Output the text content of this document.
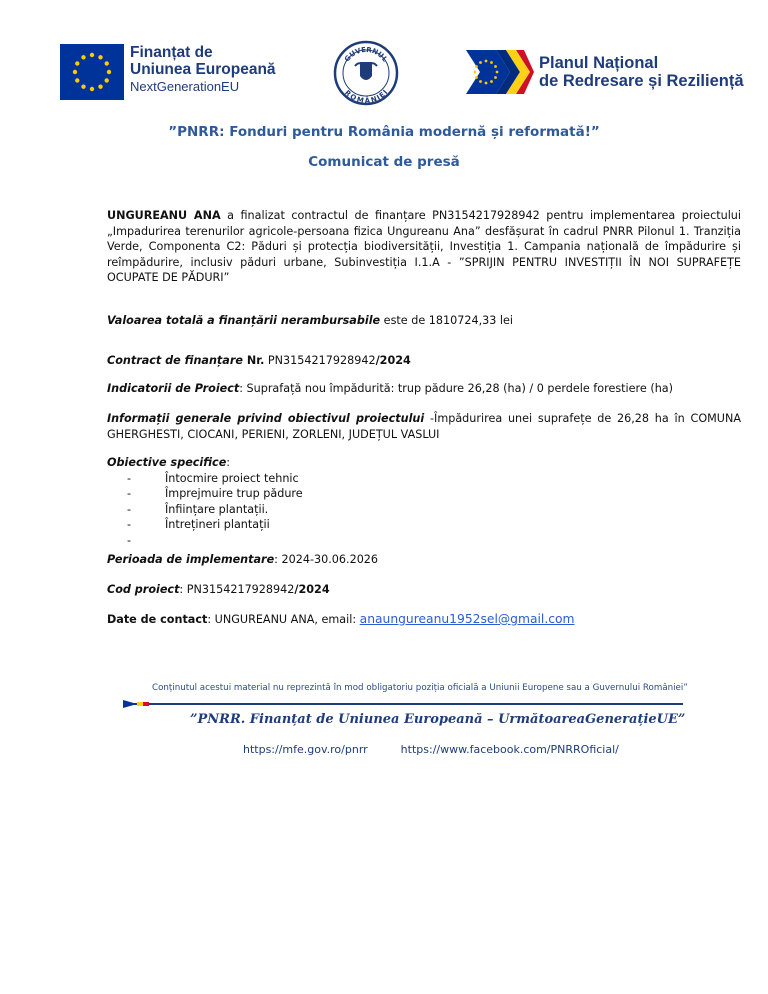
Finanțat de
Uniunea Europeană
NextGenerationEU
GUVERNUL
ROMÂNIEI
Planul Național
de Redresare și Reziliență
”PNRR: Fonduri pentru România modernă și reformată!”
Comunicat de presă
UNGUREANU ANA a finalizat contractul de finanțare PN3154217928942 pentru implementarea proiectului „Impadurirea terenurilor agricole-persoana fizica Ungureanu Ana” desfășurat în cadrul PNRR Pilonul 1. Tranziția Verde, Componenta C2: Păduri și protecția biodiversității, Investiția 1. Campania națională de împădurire și reîmpădurire, inclusiv păduri urbane, Subinvestiția I.1.A - ”SPRIJIN PENTRU INVESTIȚII ÎN NOI SUPRAFEȚE OCUPATE DE PĂDURI”
Valoarea totală a finanțării nerambursabile este de 1810724,33 lei
Contract de finanțare Nr. PN3154217928942/2024
Indicatorii de Proiect: Suprafață nou împădurită: trup pădure 26,28 (ha) / 0 perdele forestiere (ha)
Informații generale privind obiectivul proiectului -Împădurirea unei suprafețe de 26,28 ha în COMUNA GHERGHESTI, CIOCANI, PERIENI, ZORLENI, JUDEȚUL VASLUI
Obiective specifice:
-	Întocmire proiect tehnic
-	Împrejmuire trup pădure
-	Înființare plantații.
-	Întrețineri plantații
-
Perioada de implementare: 2024-30.06.2026
Cod proiect: PN3154217928942/2024
Date de contact: UNGUREANU ANA, email: anaungureanu1952sel@gmail.com
Conținutul acestui material nu reprezintă în mod obligatoriu poziția oficială a Uniunii Europene sau a Guvernului României”
”PNRR. Finanțat de Uniunea Europeană – UrmătoareaGenerațieUE”
https://mfe.gov.ro/pnrr	https://www.facebook.com/PNRROficial/
